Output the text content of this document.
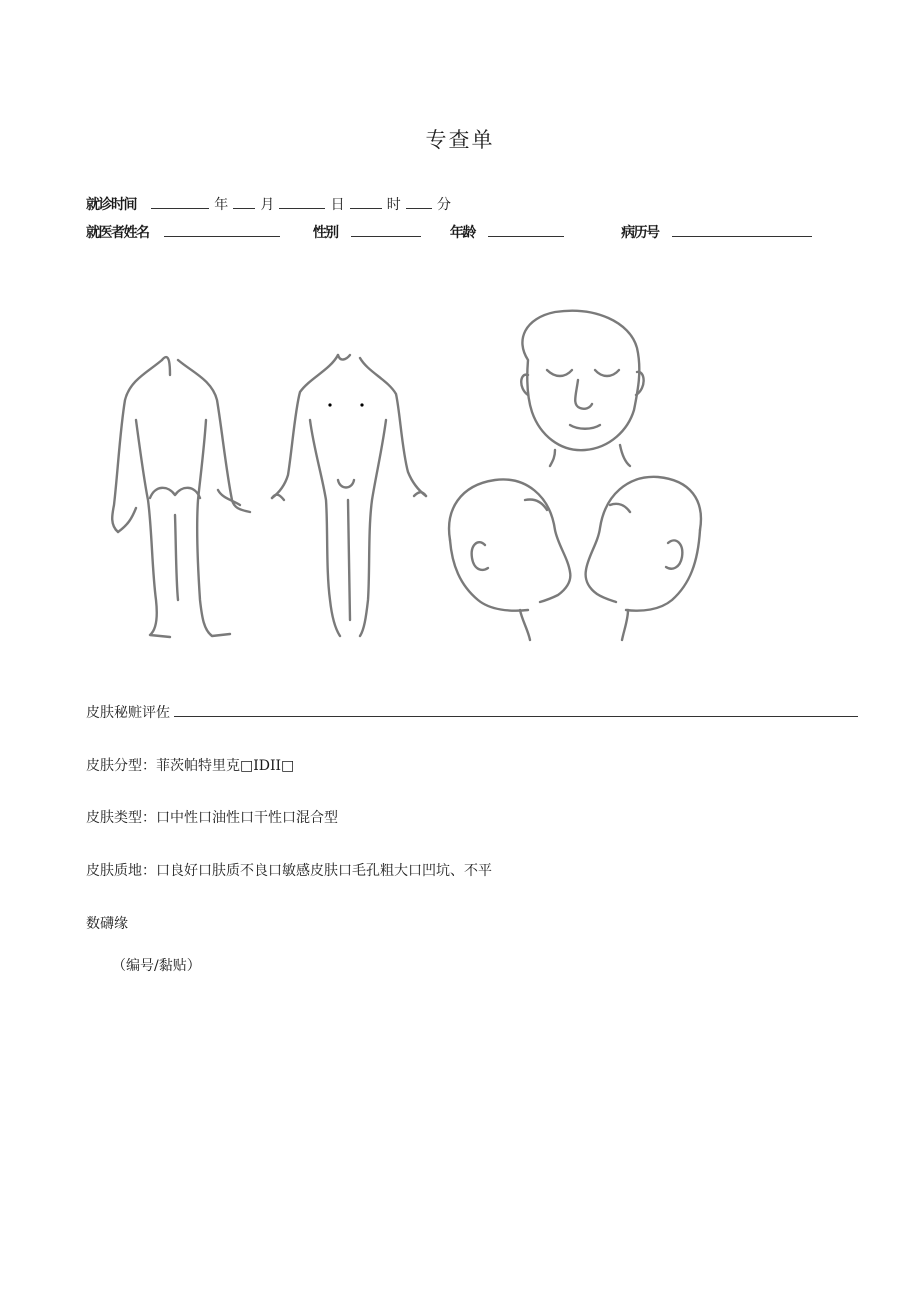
专查单
就诊时间	年 月	日	时	分
就医者姓名	性别	年龄	病历号
皮肤秘赃评佐
皮肤分型：菲茨帕特里克□IDII□
皮肤类型：口中性口油性口干性口混合型
皮肤质地：口良好口肤质不良口敏感皮肤口毛孔粗大口凹坑、不平
数礴缘
（编号/黏贴）
